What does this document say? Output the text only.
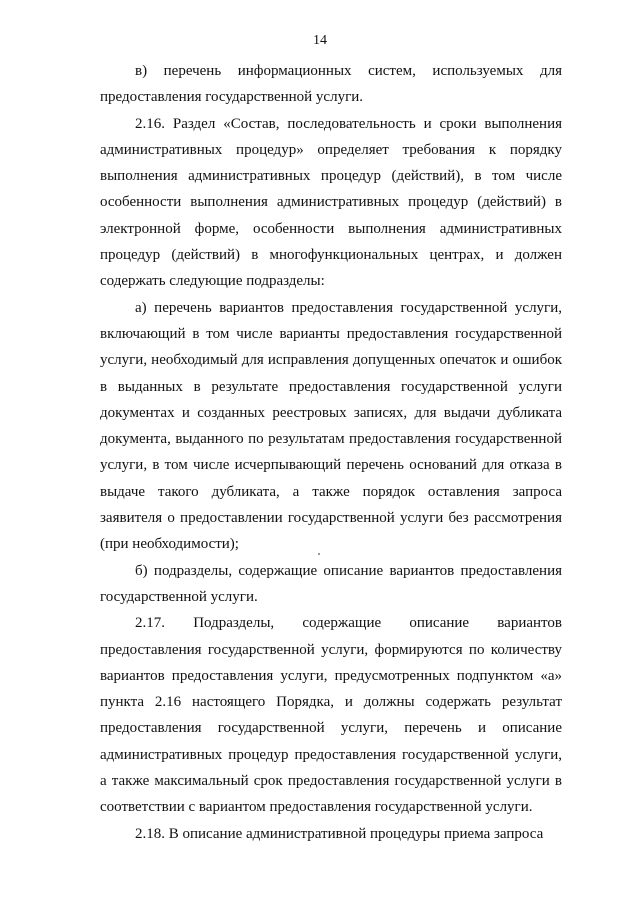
14

в) перечень информационных систем, используемых для предоставления государственной услуги.

2.16. Раздел «Состав, последовательность и сроки выполнения административных процедур» определяет требования к порядку выполнения административных процедур (действий), в том числе особенности выполнения административных процедур (действий) в электронной форме, особенности выполнения административных процедур (действий) в многофункциональных центрах, и должен содержать следующие подразделы:

а) перечень вариантов предоставления государственной услуги, включающий в том числе варианты предоставления государственной услуги, необходимый для исправления допущенных опечаток и ошибок в выданных в результате предоставления государственной услуги документах и созданных реестровых записях, для выдачи дубликата документа, выданного по результатам предоставления государственной услуги, в том числе исчерпывающий перечень оснований для отказа в выдаче такого дубликата, а также порядок оставления запроса заявителя о предоставлении государственной услуги без рассмотрения (при необходимости);

б) подразделы, содержащие описание вариантов предоставления государственной услуги.

2.17. Подразделы, содержащие описание вариантов предоставления государственной услуги, формируются по количеству вариантов предоставления услуги, предусмотренных подпунктом «а» пункта 2.16 настоящего Порядка, и должны содержать результат предоставления государственной услуги, перечень и описание административных процедур предоставления государственной услуги, а также максимальный срок предоставления государственной услуги в соответствии с вариантом предоставления государственной услуги.

2.18. В описание административной процедуры приема запроса
